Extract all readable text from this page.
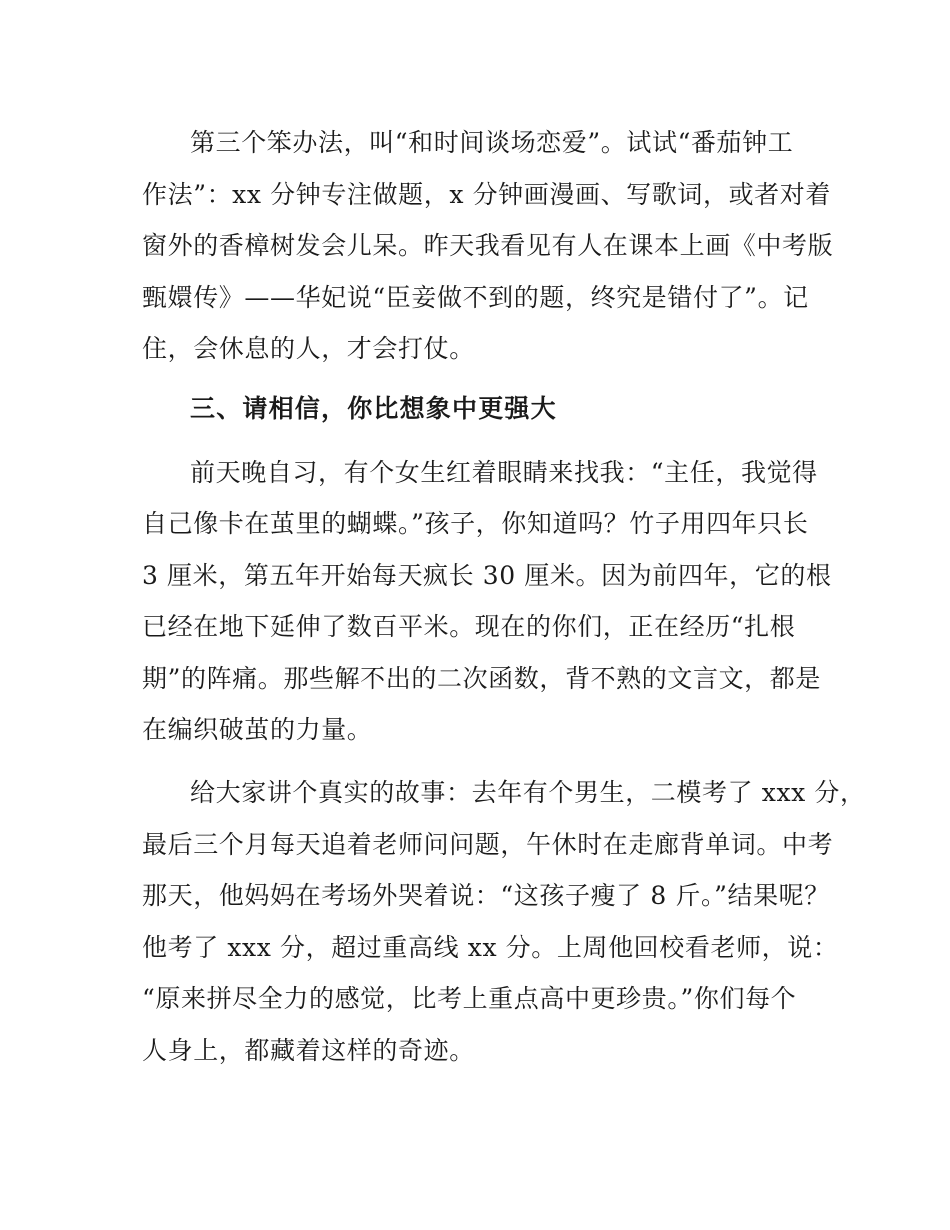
第三个笨办法，叫“和时间谈场恋爱”。试试“番茄钟工
作法”：xx 分钟专注做题，x 分钟画漫画、写歌词，或者对着
窗外的香樟树发会儿呆。昨天我看见有人在课本上画《中考版
甄嬛传》——华妃说“臣妾做不到的题，终究是错付了”。记
住，会休息的人，才会打仗。
三、请相信，你比想象中更强大
前天晚自习，有个女生红着眼睛来找我：“主任，我觉得
自己像卡在茧里的蝴蝶。”孩子，你知道吗？竹子用四年只长
3 厘米，第五年开始每天疯长 30 厘米。因为前四年，它的根
已经在地下延伸了数百平米。现在的你们，正在经历“扎根
期”的阵痛。那些解不出的二次函数，背不熟的文言文，都是
在编织破茧的力量。
给大家讲个真实的故事：去年有个男生，二模考了 xxx 分，
最后三个月每天追着老师问问题，午休时在走廊背单词。中考
那天，他妈妈在考场外哭着说：“这孩子瘦了 8 斤。”结果呢？
他考了 xxx 分，超过重高线 xx 分。上周他回校看老师，说：
“原来拼尽全力的感觉，比考上重点高中更珍贵。”你们每个
人身上，都藏着这样的奇迹。
